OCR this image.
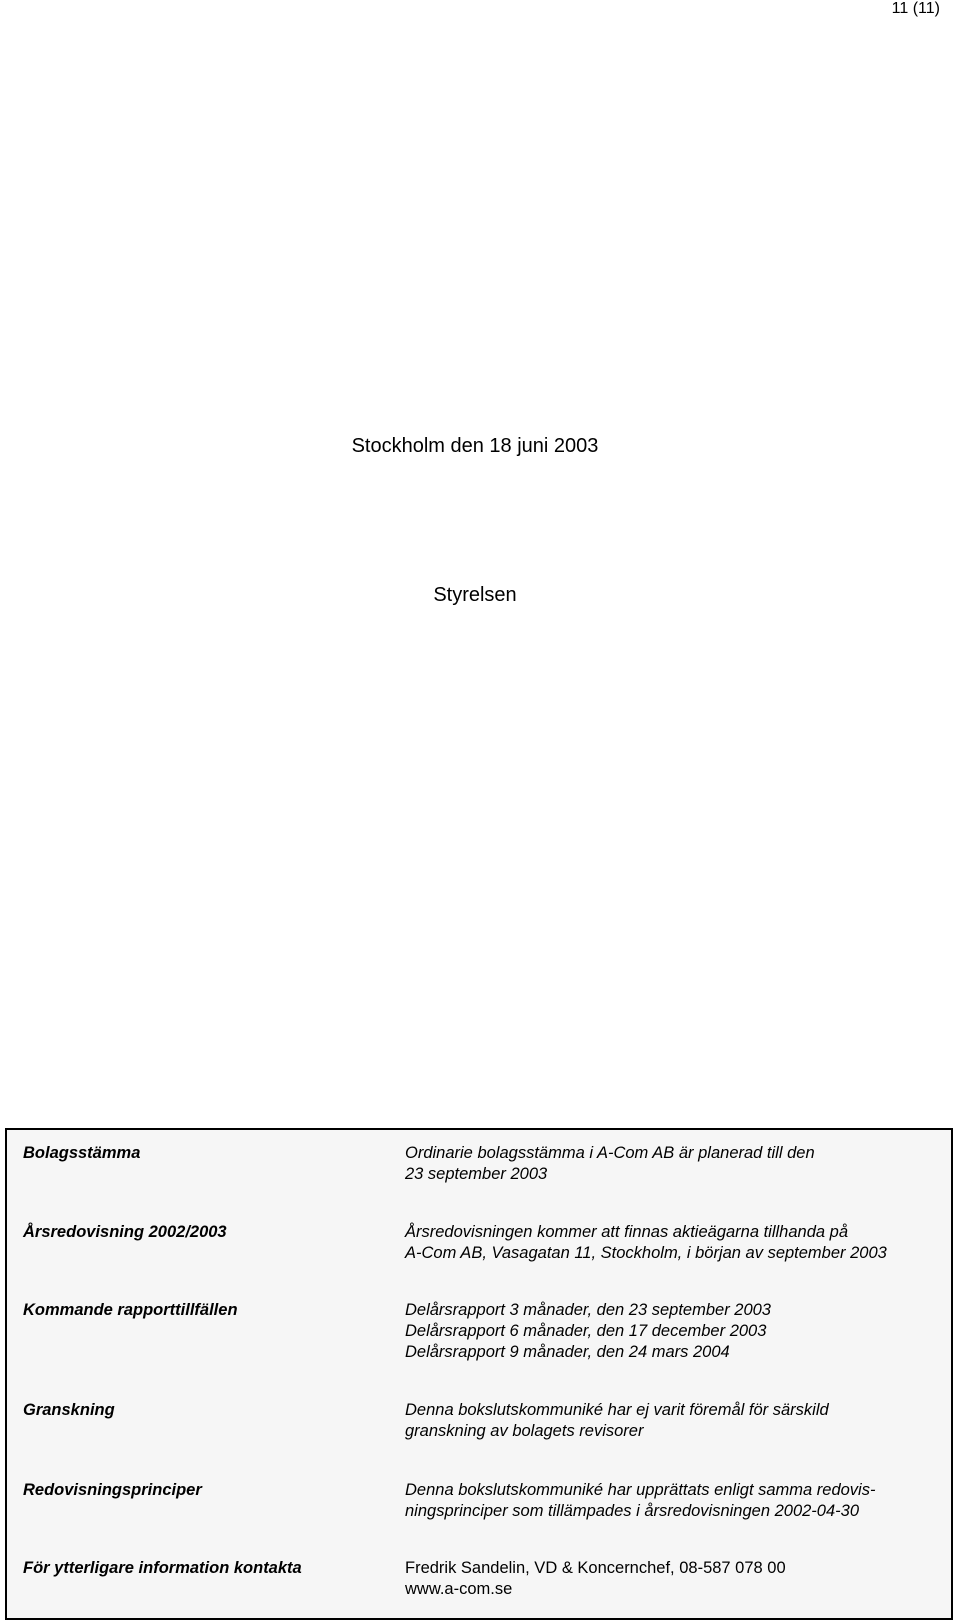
11 (11)
Stockholm den 18 juni 2003
Styrelsen
Bolagsstämma	Ordinarie bolagsstämma i A-Com AB är planerad till den
23 september 2003
Årsredovisning 2002/2003	Årsredovisningen kommer att finnas aktieägarna tillhanda på
A-Com AB, Vasagatan 11, Stockholm, i början av september 2003
Kommande rapporttillfällen	Delårsrapport 3 månader, den 23 september 2003
Delårsrapport 6 månader, den 17 december 2003
Delårsrapport 9 månader, den 24 mars 2004
Granskning	Denna bokslutskommuniké har ej varit föremål för särskild
granskning av bolagets revisorer
Redovisningsprinciper	Denna bokslutskommuniké har upprättats enligt samma redovis-
ningsprinciper som tillämpades i årsredovisningen 2002-04-30
För ytterligare information kontakta	Fredrik Sandelin, VD & Koncernchef, 08-587 078 00
www.a-com.se
